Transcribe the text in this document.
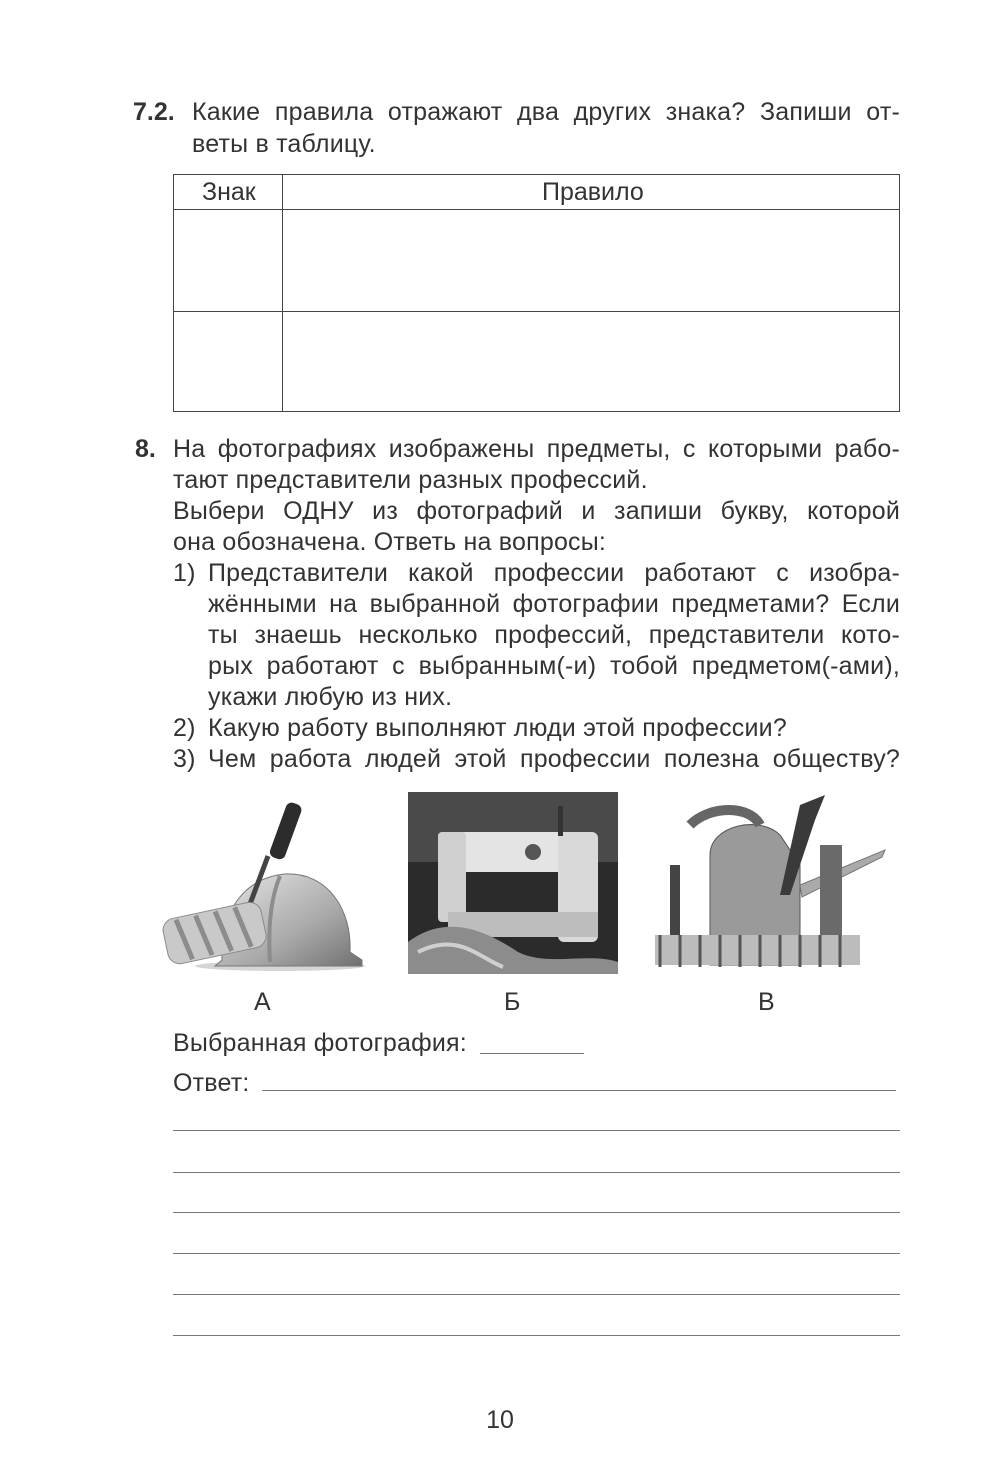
7.2. Какие правила отражают два других знака? Запиши от-
веты в таблицу.
Знак	Правило
8. На фотографиях изображены предметы, с которыми рабо-
тают представители разных профессий.
Выбери ОДНУ из фотографий и запиши букву, которой
она обозначена. Ответь на вопросы:
1) Представители какой профессии работают с изобра-
жёнными на выбранной фотографии предметами? Если
ты знаешь несколько профессий, представители кото-
рых работают с выбранным(-и) тобой предметом(-ами),
укажи любую из них.
2) Какую работу выполняют люди этой профессии?
3) Чем работа людей этой профессии полезна обществу?
А	Б	В
Выбранная фотография:
Ответ:
10
